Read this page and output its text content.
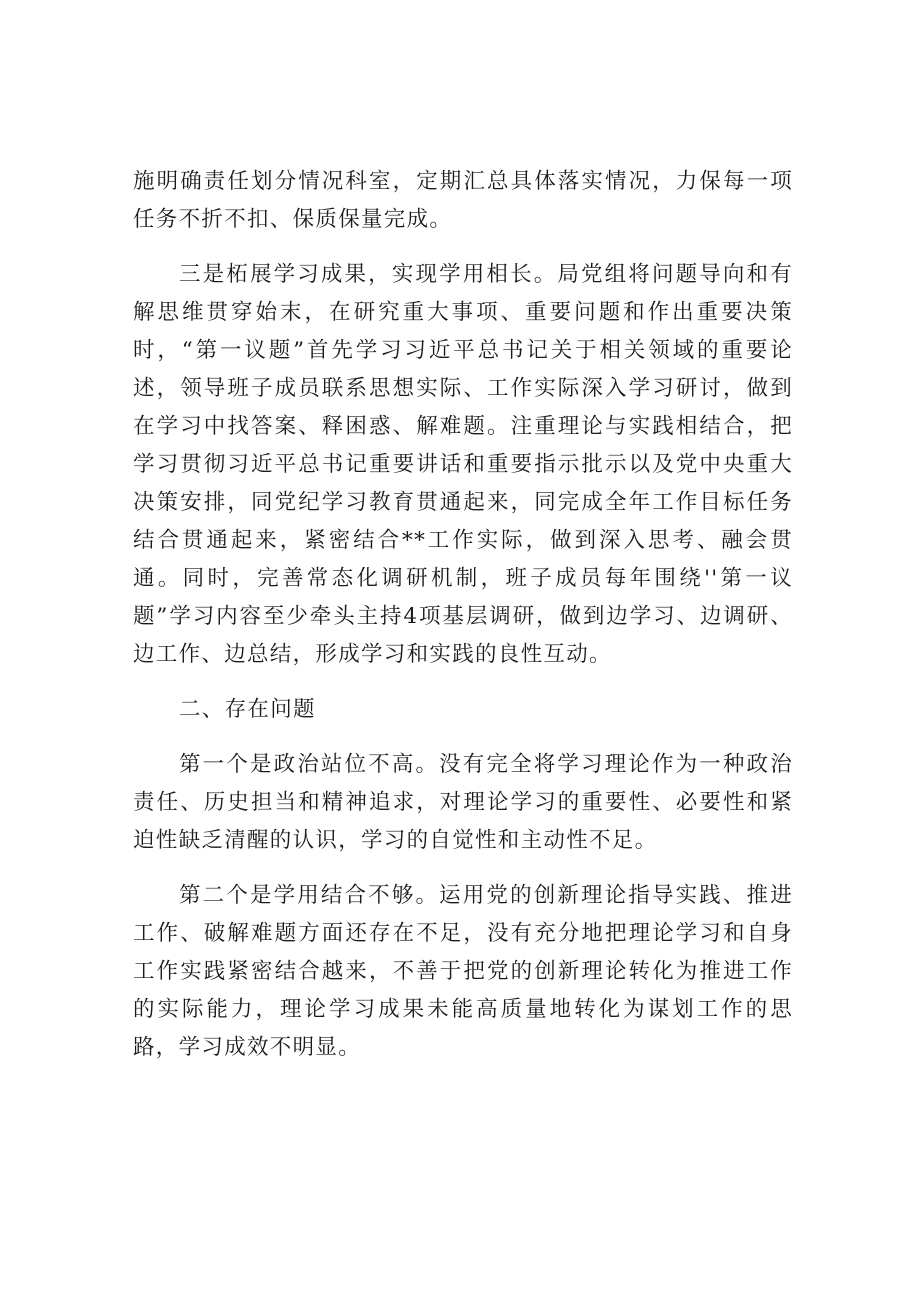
施明确责任划分情况科室，定期汇总具体落实情况，力保每一项任务不折不扣、保质保量完成。

三是柘展学习成果，实现学用相长。局党组将问题导向和有解思维贯穿始末，在研究重大事项、重要问题和作出重要决策时，“第一议题”首先学习习近平总书记关于相关领域的重要论述，领导班子成员联系思想实际、工作实际深入学习研讨，做到在学习中找答案、释困惑、解难题。注重理论与实践相结合，把学习贯彻习近平总书记重要讲话和重要指示批示以及党中央重大决策安排，同党纪学习教育贯通起来，同完成全年工作目标任务结合贯通起来，紧密结合**工作实际，做到深入思考、融会贯通。同时，完善常态化调研机制，班子成员每年围绕''第一议题”学习内容至少牵头主持4项基层调研，做到边学习、边调研、边工作、边总结，形成学习和实践的良性互动。

二、存在问题

第一个是政治站位不高。没有完全将学习理论作为一种政治责任、历史担当和精神追求，对理论学习的重要性、必要性和紧迫性缺乏清醒的认识，学习的自觉性和主动性不足。

第二个是学用结合不够。运用党的创新理论指导实践、推进工作、破解难题方面还存在不足，没有充分地把理论学习和自身工作实践紧密结合越来，不善于把党的创新理论转化为推进工作的实际能力，理论学习成果未能高质量地转化为谋划工作的思路，学习成效不明显。
